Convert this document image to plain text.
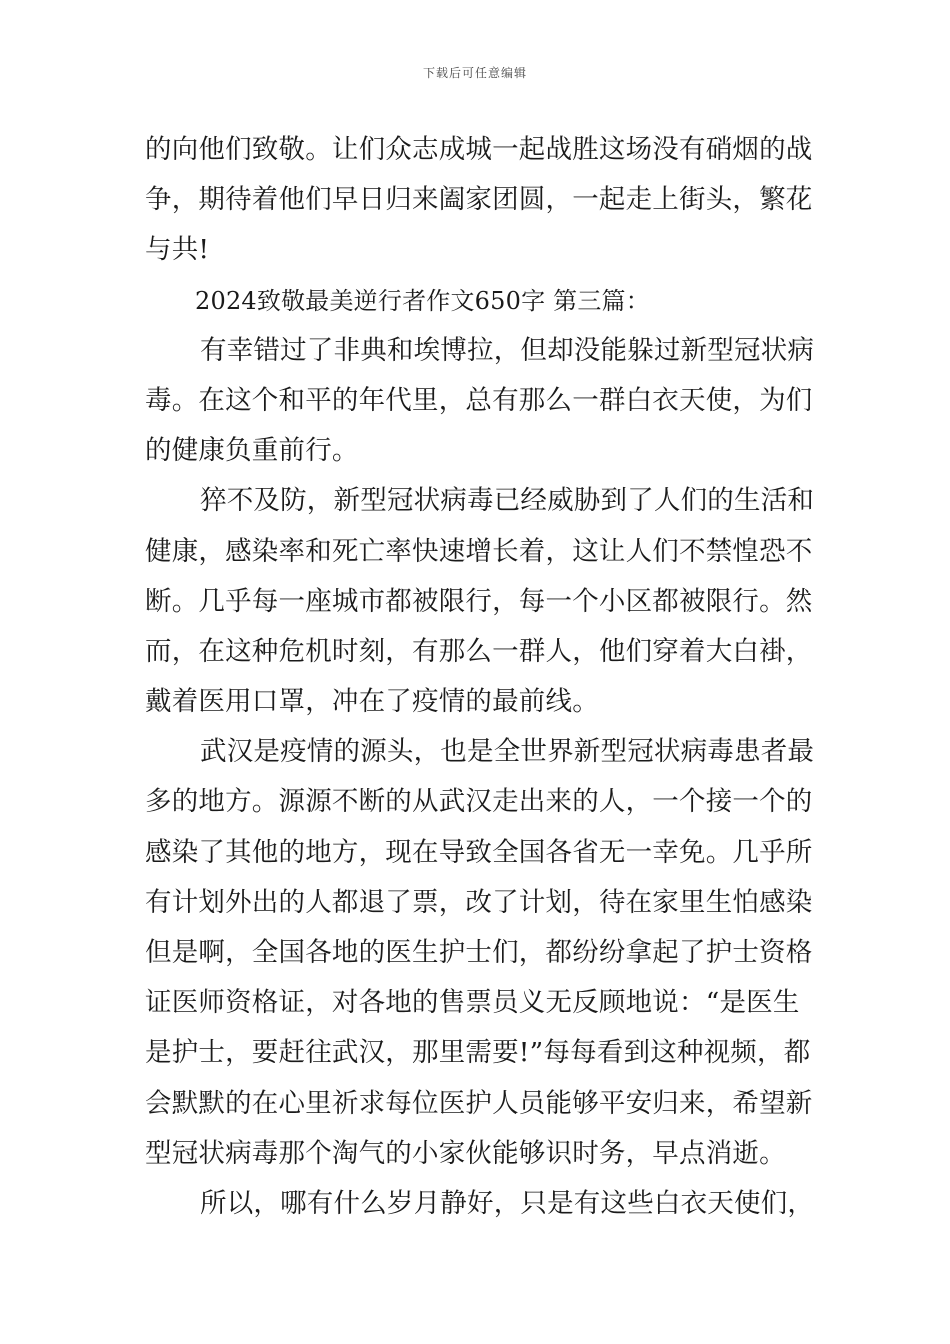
下载后可任意编辑
的向他们致敬。让们众志成城一起战胜这场没有硝烟的战
争，期待着他们早日归来阖家团圆，一起走上街头，繁花
与共!
2024致敬最美逆行者作文650字 第三篇：
有幸错过了非典和埃博拉，但却没能躲过新型冠状病
毒。在这个和平的年代里，总有那么一群白衣天使，为们
的健康负重前行。
猝不及防，新型冠状病毒已经威胁到了人们的生活和
健康，感染率和死亡率快速增长着，这让人们不禁惶恐不
断。几乎每一座城市都被限行，每一个小区都被限行。然
而，在这种危机时刻，有那么一群人，他们穿着大白褂，
戴着医用口罩，冲在了疫情的最前线。
武汉是疫情的源头，也是全世界新型冠状病毒患者最
多的地方。源源不断的从武汉走出来的人，一个接一个的
感染了其他的地方，现在导致全国各省无一幸免。几乎所
有计划外出的人都退了票，改了计划，待在家里生怕感染
但是啊，全国各地的医生护士们，都纷纷拿起了护士资格
证医师资格证，对各地的售票员义无反顾地说：“是医生
是护士，要赶往武汉，那里需要!”每每看到这种视频，都
会默默的在心里祈求每位医护人员能够平安归来，希望新
型冠状病毒那个淘气的小家伙能够识时务，早点消逝。
所以，哪有什么岁月静好，只是有这些白衣天使们，
